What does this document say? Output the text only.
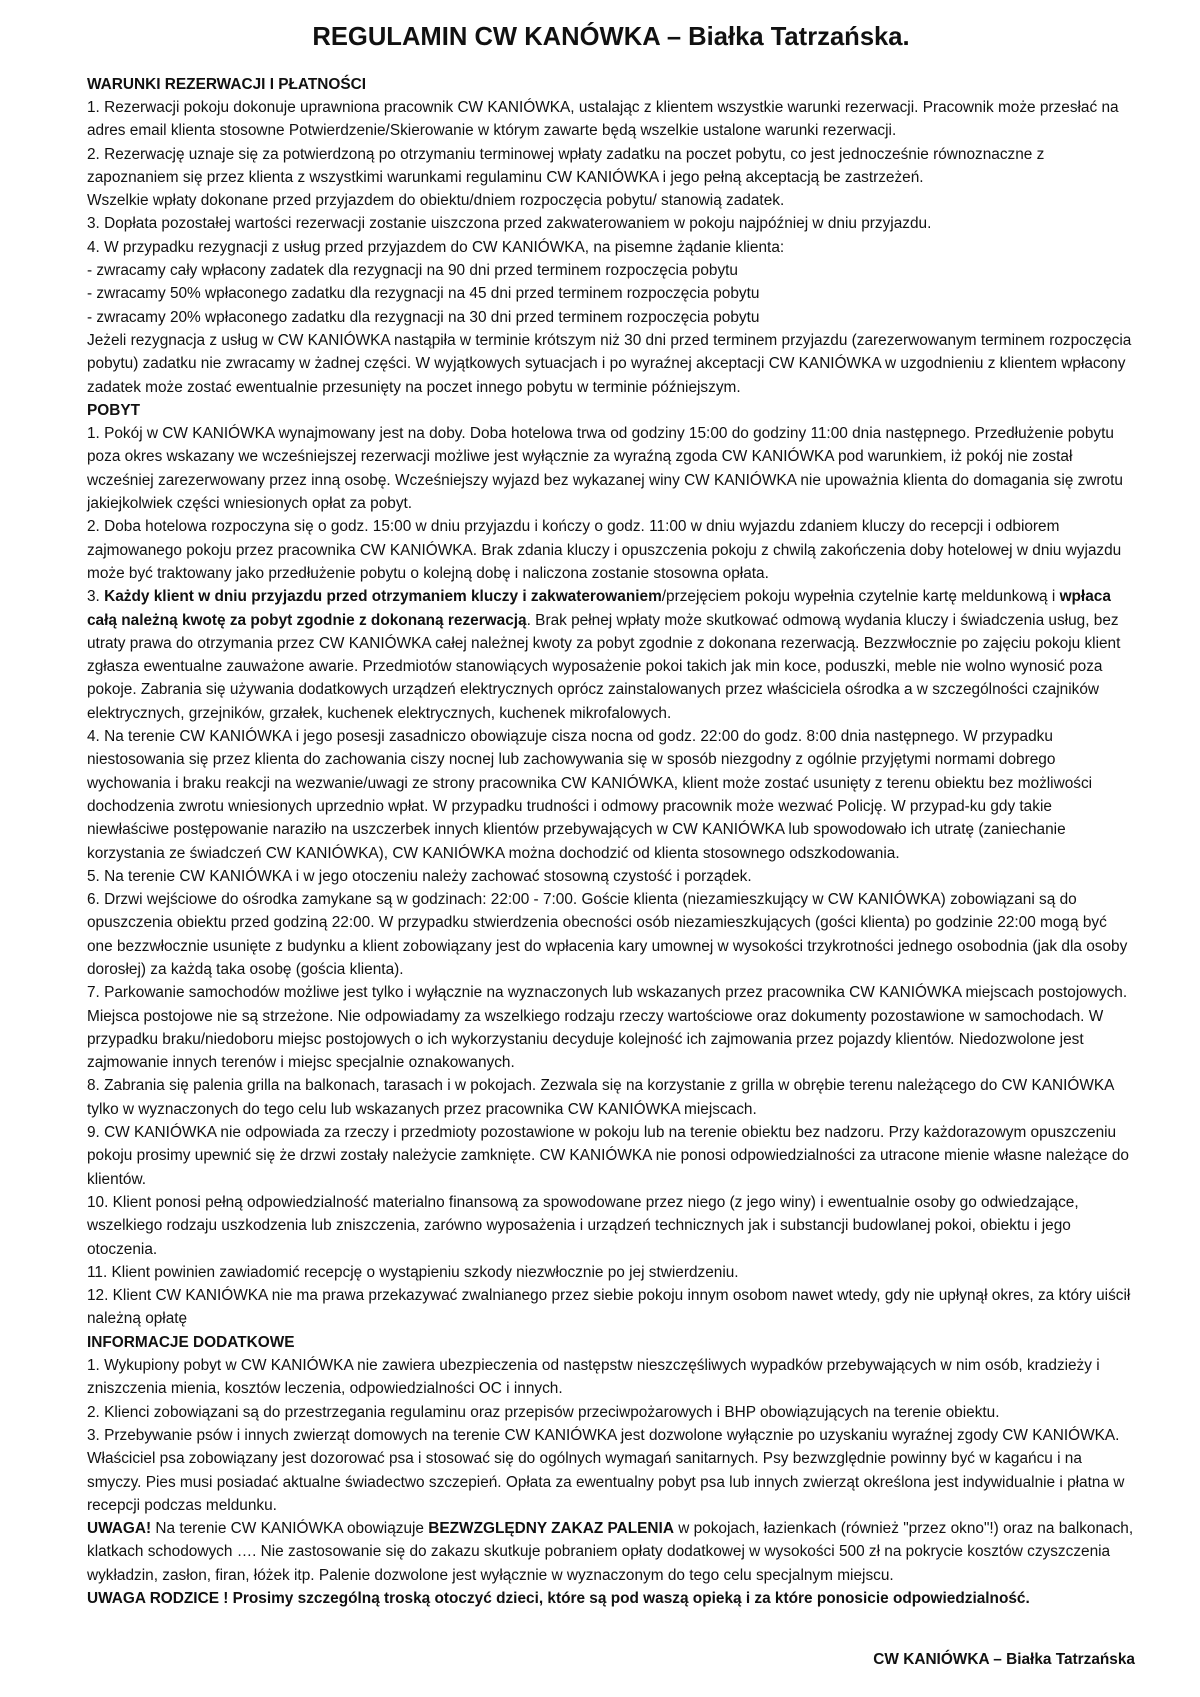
REGULAMIN CW KANÓWKA – Białka Tatrzańska.
WARUNKI REZERWACJI I PŁATNOŚCI
1. Rezerwacji pokoju dokonuje uprawniona pracownik CW KANIÓWKA, ustalając z klientem wszystkie warunki rezerwacji. Pracownik może przesłać na adres email klienta stosowne Potwierdzenie/Skierowanie w którym zawarte będą wszelkie ustalone warunki rezerwacji.
2. Rezerwację uznaje się za potwierdzoną po otrzymaniu terminowej wpłaty zadatku na poczet pobytu, co jest jednocześnie równoznaczne z zapoznaniem się przez klienta z wszystkimi warunkami regulaminu CW KANIÓWKA i jego pełną akceptacją be zastrzeżeń.
Wszelkie wpłaty dokonane przed przyjazdem do obiektu/dniem rozpoczęcia pobytu/ stanowią zadatek.
3. Dopłata pozostałej wartości rezerwacji zostanie uiszczona przed zakwaterowaniem w pokoju najpóźniej w dniu przyjazdu.
4. W przypadku rezygnacji z usług przed przyjazdem do CW KANIÓWKA, na pisemne żądanie klienta:
- zwracamy cały wpłacony zadatek dla rezygnacji na 90 dni przed terminem rozpoczęcia pobytu
- zwracamy 50% wpłaconego zadatku dla rezygnacji na 45 dni przed terminem rozpoczęcia pobytu
- zwracamy 20% wpłaconego zadatku dla rezygnacji na 30 dni przed terminem rozpoczęcia pobytu
Jeżeli rezygnacja z usług w CW KANIÓWKA nastąpiła w terminie krótszym niż 30 dni przed terminem przyjazdu (zarezerwowanym terminem rozpoczęcia pobytu) zadatku nie zwracamy w żadnej części. W wyjątkowych sytuacjach i po wyraźnej akceptacji CW KANIÓWKA w uzgodnieniu z klientem wpłacony zadatek może zostać ewentualnie przesunięty na poczet innego pobytu w terminie późniejszym.
POBYT
1. Pokój w CW KANIÓWKA wynajmowany jest na doby. Doba hotelowa trwa od godziny 15:00 do godziny 11:00 dnia następnego. Przedłużenie pobytu poza okres wskazany we wcześniejszej rezerwacji możliwe jest wyłącznie za wyraźną zgoda CW KANIÓWKA pod warunkiem, iż pokój nie został wcześniej zarezerwowany przez inną osobę. Wcześniejszy wyjazd bez wykazanej winy CW KANIÓWKA nie upoważnia klienta do domagania się zwrotu jakiejkolwiek części wniesionych opłat za pobyt.
2. Doba hotelowa rozpoczyna się o godz. 15:00 w dniu przyjazdu i kończy o godz. 11:00 w dniu wyjazdu zdaniem kluczy do recepcji i odbiorem zajmowanego pokoju przez pracownika CW KANIÓWKA. Brak zdania kluczy i opuszczenia pokoju z chwilą zakończenia doby hotelowej w dniu wyjazdu może być traktowany jako przedłużenie pobytu o kolejną dobę i naliczona zostanie stosowna opłata.
3. Każdy klient w dniu przyjazdu przed otrzymaniem kluczy i zakwaterowaniem/przejęciem pokoju wypełnia czytelnie kartę meldunkową i wpłaca całą należną kwotę za pobyt zgodnie z dokonaną rezerwacją. Brak pełnej wpłaty może skutkować odmową wydania kluczy i świadczenia usług, bez utraty prawa do otrzymania przez CW KANIÓWKA całej należnej kwoty za pobyt zgodnie z dokonana rezerwacją. Bezzwłocznie po zajęciu pokoju klient zgłasza ewentualne zauważone awarie. Przedmiotów stanowiących wyposażenie pokoi takich jak min koce, poduszki, meble nie wolno wynosić poza pokoje. Zabrania się używania dodatkowych urządzeń elektrycznych oprócz zainstalowanych przez właściciela ośrodka a w szczególności czajników elektrycznych, grzejników, grzałek, kuchenek elektrycznych, kuchenek mikrofalowych.
4. Na terenie CW KANIÓWKA i jego posesji zasadniczo obowiązuje cisza nocna od godz. 22:00 do godz. 8:00 dnia następnego. W przypadku niestosowania się przez klienta do zachowania ciszy nocnej lub zachowywania się w sposób niezgodny z ogólnie przyjętymi normami dobrego wychowania i braku reakcji na wezwanie/uwagi ze strony pracownika CW KANIÓWKA, klient może zostać usunięty z terenu obiektu bez możliwości dochodzenia zwrotu wniesionych uprzednio wpłat. W przypadku trudności i odmowy pracownik może wezwać Policję. W przypad-ku gdy takie niewłaściwe postępowanie naraziło na uszczerbek innych klientów przebywających w CW KANIÓWKA lub spowodowało ich utratę (zaniechanie korzystania ze świadczeń CW KANIÓWKA), CW KANIÓWKA można dochodzić od klienta stosownego odszkodowania.
5. Na terenie CW KANIÓWKA i w jego otoczeniu należy zachować stosowną czystość i porządek.
6. Drzwi wejściowe do ośrodka zamykane są w godzinach: 22:00 - 7:00. Goście klienta (niezamieszkujący w CW KANIÓWKA) zobowiązani są do opuszczenia obiektu przed godziną 22:00. W przypadku stwierdzenia obecności osób niezamieszkujących (gości klienta) po godzinie 22:00 mogą być one bezzwłocznie usunięte z budynku a klient zobowiązany jest do wpłacenia kary umownej w wysokości trzykrotności jednego osobodnia (jak dla osoby dorosłej) za każdą taka osobę (gościa klienta).
7. Parkowanie samochodów możliwe jest tylko i wyłącznie na wyznaczonych lub wskazanych przez pracownika CW KANIÓWKA miejscach postojowych. Miejsca postojowe nie są strzeżone. Nie odpowiadamy za wszelkiego rodzaju rzeczy wartościowe oraz dokumenty pozostawione w samochodach. W przypadku braku/niedoboru miejsc postojowych o ich wykorzystaniu decyduje kolejność ich zajmowania przez pojazdy klientów. Niedozwolone jest zajmowanie innych terenów i miejsc specjalnie oznakowanych.
8. Zabrania się palenia grilla na balkonach, tarasach i w pokojach. Zezwala się na korzystanie z grilla w obrębie terenu należącego do CW KANIÓWKA tylko w wyznaczonych do tego celu lub wskazanych przez pracownika CW KANIÓWKA miejscach.
9. CW KANIÓWKA nie odpowiada za rzeczy i przedmioty pozostawione w pokoju lub na terenie obiektu bez nadzoru. Przy każdorazowym opuszczeniu pokoju prosimy upewnić się że drzwi zostały należycie zamknięte. CW KANIÓWKA nie ponosi odpowiedzialności za utracone mienie własne należące do klientów.
10. Klient ponosi pełną odpowiedzialność materialno finansową za spowodowane przez niego (z jego winy) i ewentualnie osoby go odwiedzające, wszelkiego rodzaju uszkodzenia lub zniszczenia, zarówno wyposażenia i urządzeń technicznych jak i substancji budowlanej pokoi, obiektu i jego otoczenia.
11. Klient powinien zawiadomić recepcję o wystąpieniu szkody niezwłocznie po jej stwierdzeniu.
12. Klient CW KANIÓWKA nie ma prawa przekazywać zwalnianego przez siebie pokoju innym osobom nawet wtedy, gdy nie upłynął okres, za który uiścił należną opłatę
INFORMACJE DODATKOWE
1. Wykupiony pobyt w CW KANIÓWKA nie zawiera ubezpieczenia od następstw nieszczęśliwych wypadków przebywających w nim osób, kradzieży i zniszczenia mienia, kosztów leczenia, odpowiedzialności OC i innych.
2. Klienci zobowiązani są do przestrzegania regulaminu oraz przepisów przeciwpożarowych i BHP obowiązujących na terenie obiektu.
3. Przebywanie psów i innych zwierząt domowych na terenie CW KANIÓWKA jest dozwolone wyłącznie po uzyskaniu wyraźnej zgody CW KANIÓWKA. Właściciel psa zobowiązany jest dozorować psa i stosować się do ogólnych wymagań sanitarnych. Psy bezwzględnie powinny być w kagańcu i na smyczy. Pies musi posiadać aktualne świadectwo szczepień. Opłata za ewentualny pobyt psa lub innych zwierząt określona jest indywidualnie i płatna w recepcji podczas meldunku.
UWAGA! Na terenie CW KANIÓWKA obowiązuje BEZWZGLĘDNY ZAKAZ PALENIA w pokojach, łazienkach (również "przez okno"!) oraz na balkonach, klatkach schodowych …. Nie zastosowanie się do zakazu skutkuje pobraniem opłaty dodatkowej w wysokości 500 zł na pokrycie kosztów czyszczenia wykładzin, zasłon, firan, łóżek itp. Palenie dozwolone jest wyłącznie w wyznaczonym do tego celu specjalnym miejscu.
UWAGA RODZICE ! Prosimy szczególną troską otoczyć dzieci, które są pod waszą opieką i za które ponosicie odpowiedzialność.
CW KANIÓWKA – Białka Tatrzańska
